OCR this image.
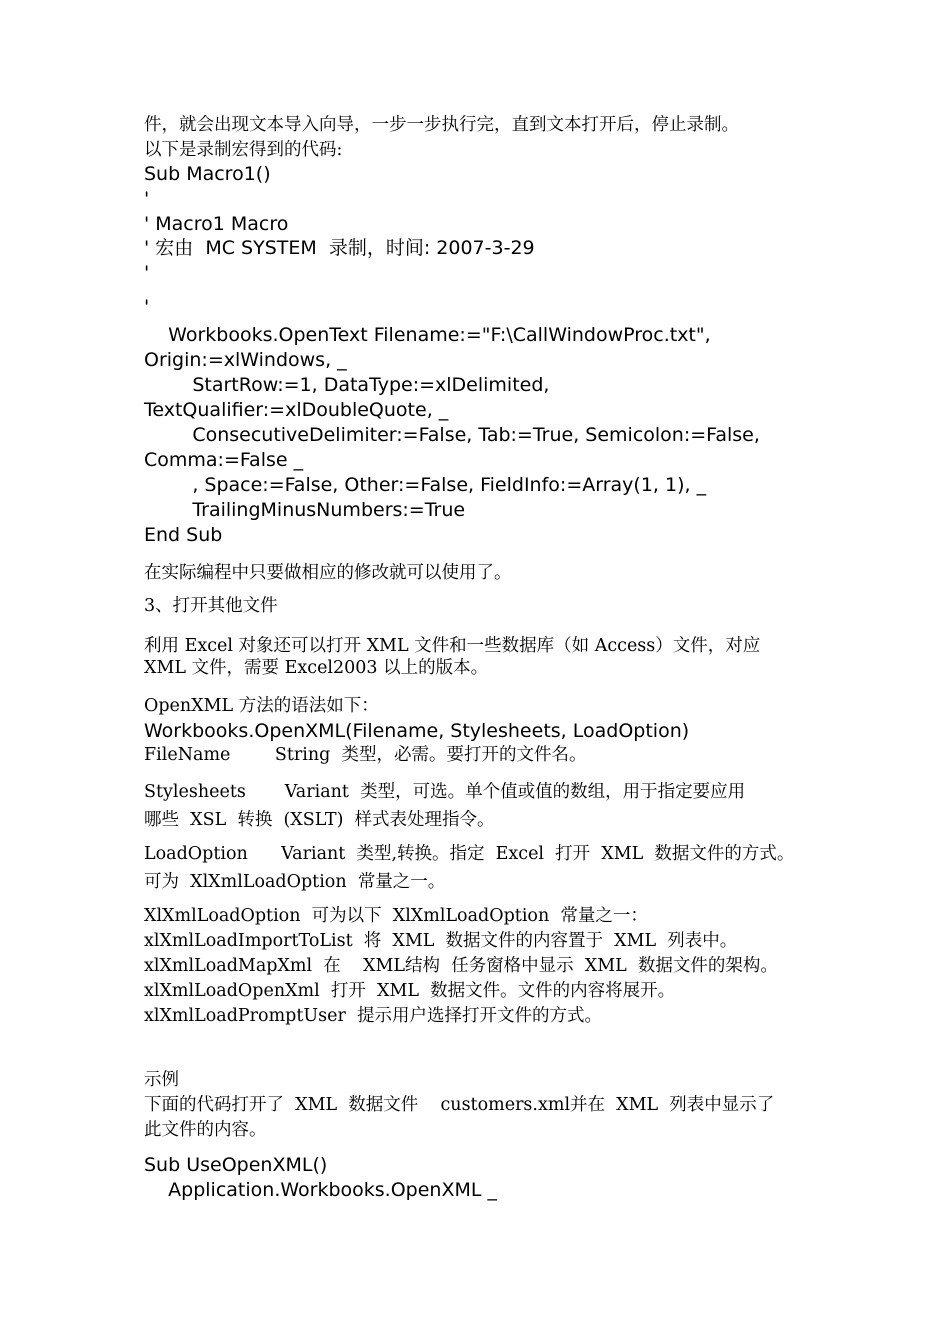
件，就会出现文本导入向导，一步一步执行完，直到文本打开后，停止录制。

以下是录制宏得到的代码:

Sub Macro1()

'

' Macro1 Macro

' 宏由  MC SYSTEM  录制，时间: 2007-3-29

'

'

Workbooks.OpenText Filename:="F:\CallWindowProc.txt",

Origin:=xlWindows, _

StartRow:=1, DataType:=xlDelimited,

TextQualifier:=xlDoubleQuote, _

ConsecutiveDelimiter:=False, Tab:=True, Semicolon:=False,

Comma:=False _

, Space:=False, Other:=False, FieldInfo:=Array(1, 1), _

TrailingMinusNumbers:=True

End Sub

在实际编程中只要做相应的修改就可以使用了。

3、打开其他文件

利用 Excel 对象还可以打开 XML 文件和一些数据库（如 Access）文件，对应

XML 文件，需要 Excel2003 以上的版本。

OpenXML 方法的语法如下：

Workbooks.OpenXML(Filename, Stylesheets, LoadOption)

FileName        String  类型，必需。要打开的文件名。

Stylesheets       Variant  类型，可选。单个值或值的数组，用于指定要应用

哪些  XSL  转换  (XSLT)  样式表处理指令。

LoadOption      Variant  类型,转换。指定  Excel  打开  XML  数据文件的方式。

可为  XlXmlLoadOption  常量之一。

XlXmlLoadOption  可为以下  XlXmlLoadOption  常量之一：

xlXmlLoadImportToList  将  XML  数据文件的内容置于  XML  列表中。

xlXmlLoadMapXml  在    XML结构  任务窗格中显示  XML  数据文件的架构。

xlXmlLoadOpenXml  打开  XML  数据文件。文件的内容将展开。

xlXmlLoadPromptUser  提示用户选择打开文件的方式。

示例

下面的代码打开了  XML  数据文件    customers.xml并在  XML  列表中显示了

此文件的内容。

Sub UseOpenXML()

Application.Workbooks.OpenXML _
